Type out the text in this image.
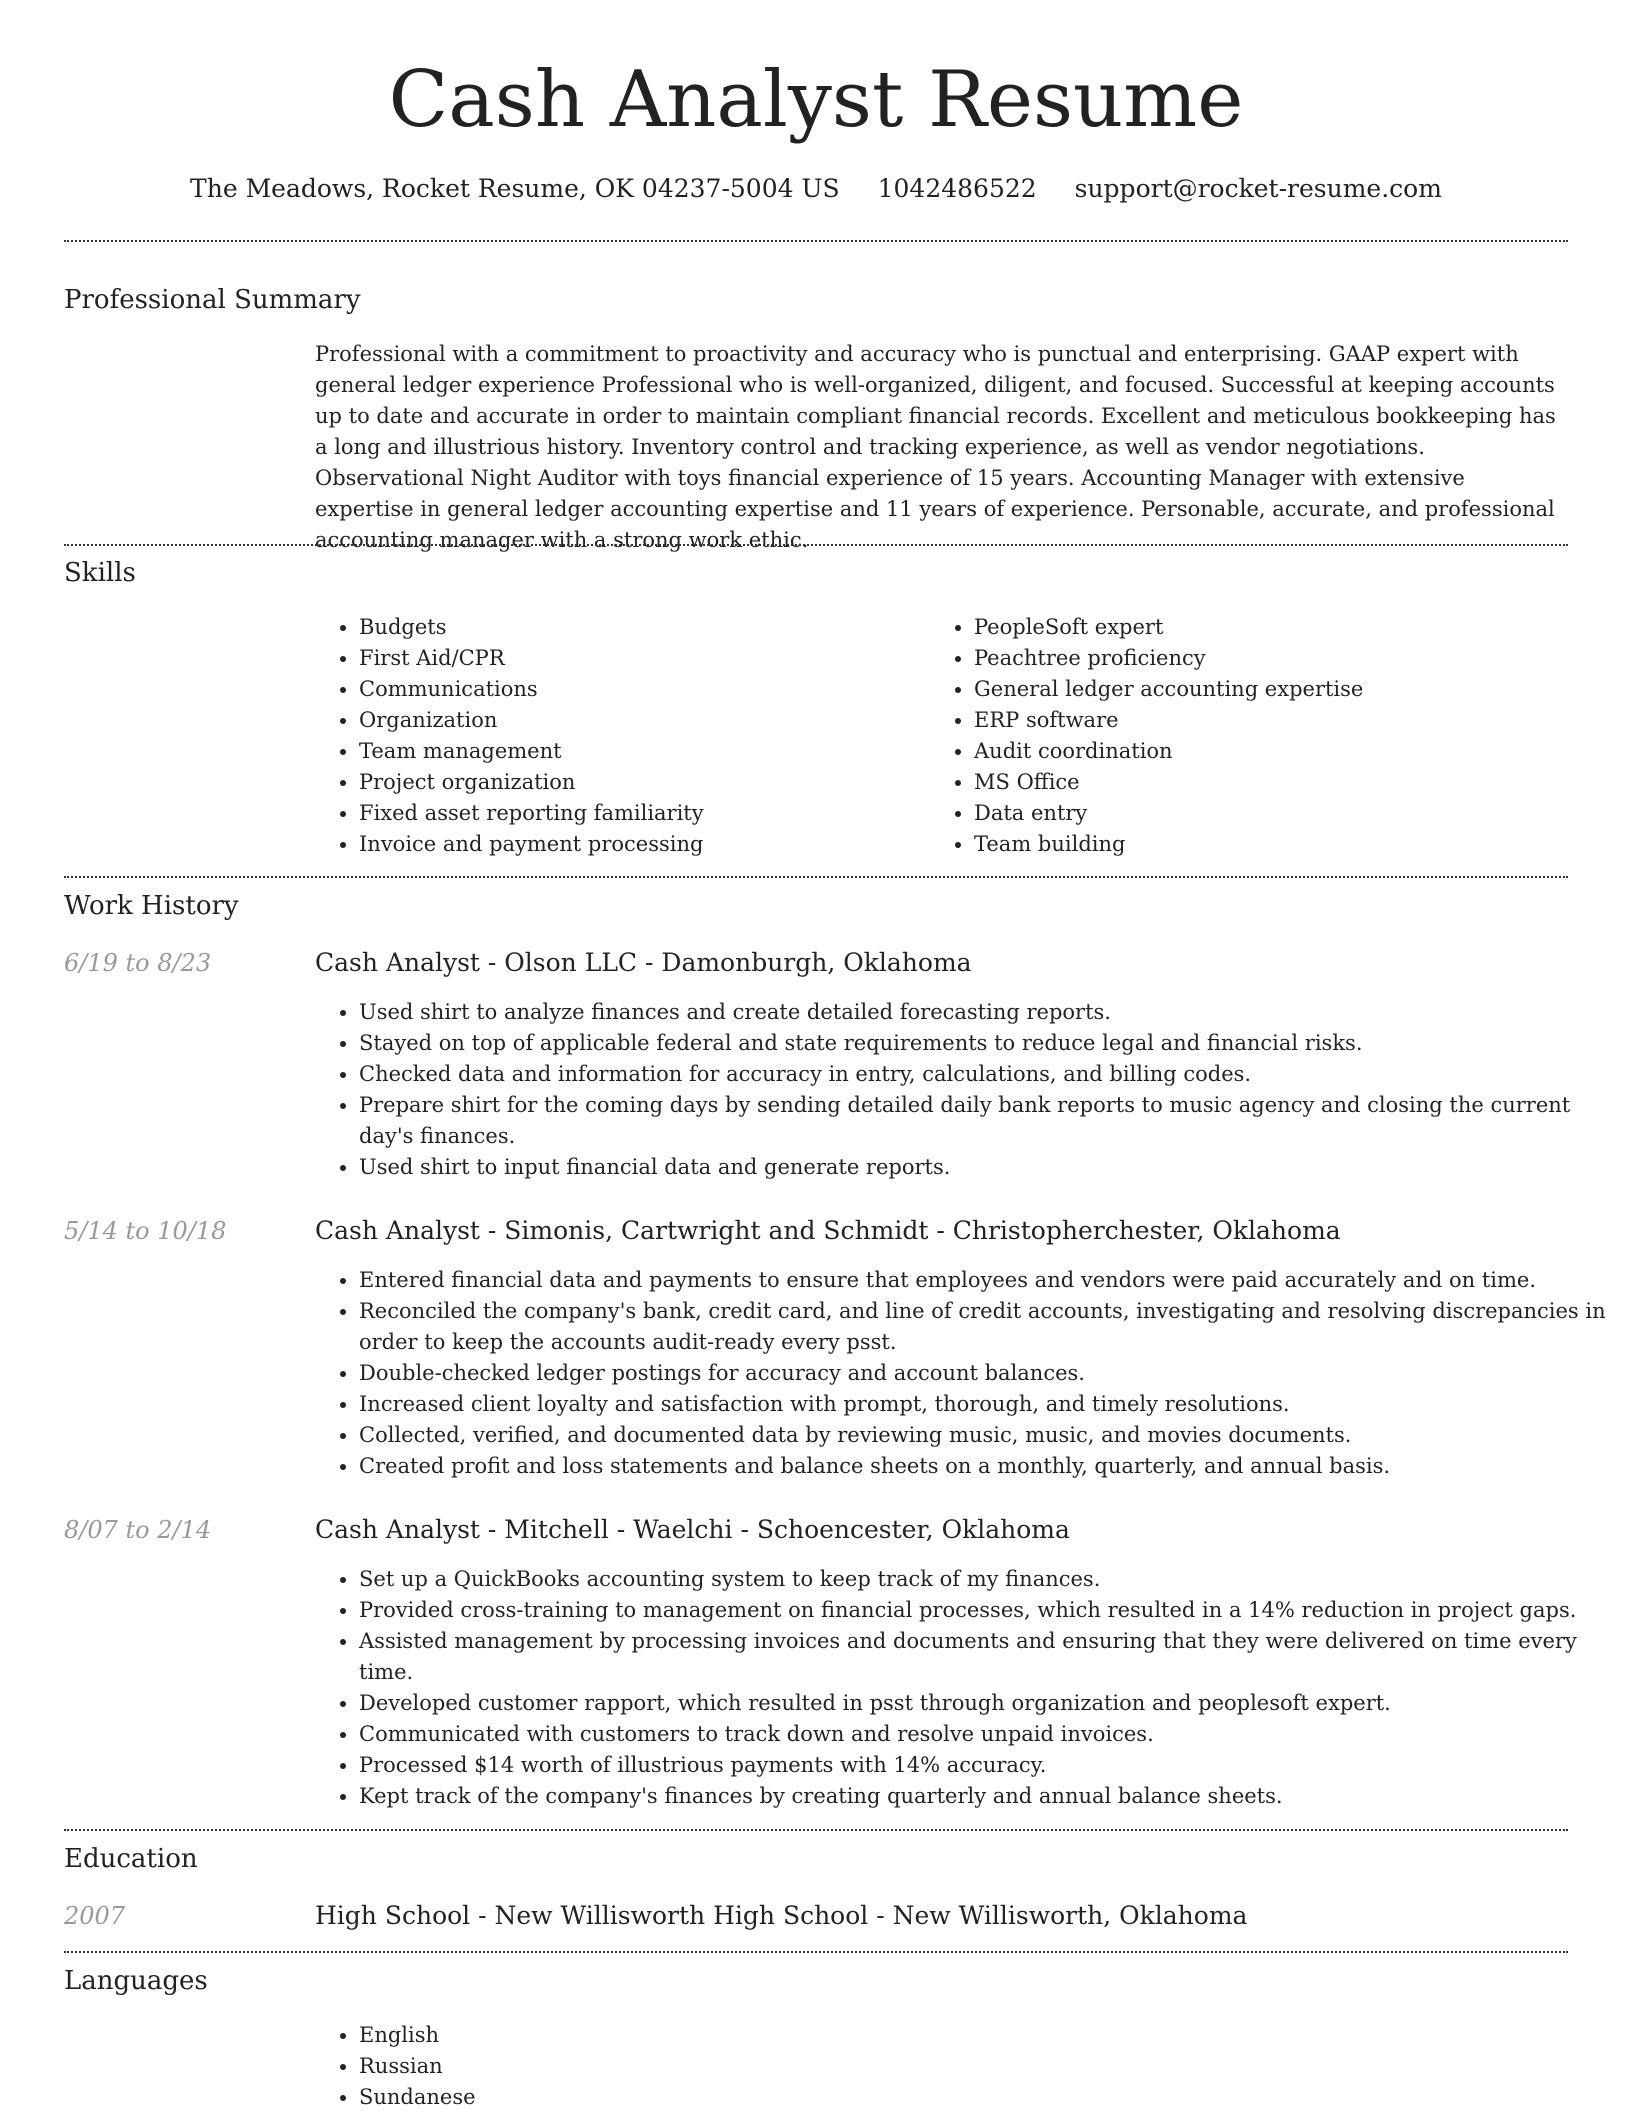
Cash Analyst Resume
The Meadows, Rocket Resume, OK 04237-5004 US 1042486522 support@rocket-resume.com
Professional Summary

Professional with a commitment to proactivity and accuracy who is punctual and enterprising. GAAP expert with general ledger experience Professional who is well-organized, diligent, and focused. Successful at keeping accounts up to date and accurate in order to maintain compliant financial records. Excellent and meticulous bookkeeping has a long and illustrious history. Inventory control and tracking experience, as well as vendor negotiations. Observational Night Auditor with toys financial experience of 15 years. Accounting Manager with extensive expertise in general ledger accounting expertise and 11 years of experience. Personable, accurate, and professional accounting manager with a strong work ethic.

Skills
• Budgets
• First Aid/CPR
• Communications
• Organization
• Team management
• Project organization
• Fixed asset reporting familiarity
• Invoice and payment processing
• PeopleSoft expert
• Peachtree proficiency
• General ledger accounting expertise
• ERP software
• Audit coordination
• MS Office
• Data entry
• Team building
Work History
6/19 to 8/23	Cash Analyst - Olson LLC - Damonburgh, Oklahoma
• Used shirt to analyze finances and create detailed forecasting reports.
• Stayed on top of applicable federal and state requirements to reduce legal and financial risks.
• Checked data and information for accuracy in entry, calculations, and billing codes.
• Prepare shirt for the coming days by sending detailed daily bank reports to music agency and closing the current day's finances.
• Used shirt to input financial data and generate reports.
5/14 to 10/18	Cash Analyst - Simonis, Cartwright and Schmidt - Christopherchester, Oklahoma
• Entered financial data and payments to ensure that employees and vendors were paid accurately and on time.
• Reconciled the company's bank, credit card, and line of credit accounts, investigating and resolving discrepancies in order to keep the accounts audit-ready every psst.
• Double-checked ledger postings for accuracy and account balances.
• Increased client loyalty and satisfaction with prompt, thorough, and timely resolutions.
• Collected, verified, and documented data by reviewing music, music, and movies documents.
• Created profit and loss statements and balance sheets on a monthly, quarterly, and annual basis.
8/07 to 2/14	Cash Analyst - Mitchell - Waelchi - Schoencester, Oklahoma
• Set up a QuickBooks accounting system to keep track of my finances.
• Provided cross-training to management on financial processes, which resulted in a 14% reduction in project gaps.
• Assisted management by processing invoices and documents and ensuring that they were delivered on time every time.
• Developed customer rapport, which resulted in psst through organization and peoplesoft expert.
• Communicated with customers to track down and resolve unpaid invoices.
• Processed $14 worth of illustrious payments with 14% accuracy.
• Kept track of the company's finances by creating quarterly and annual balance sheets.
Education
2007	High School - New Willisworth High School - New Willisworth, Oklahoma
Languages
• English
• Russian
• Sundanese
